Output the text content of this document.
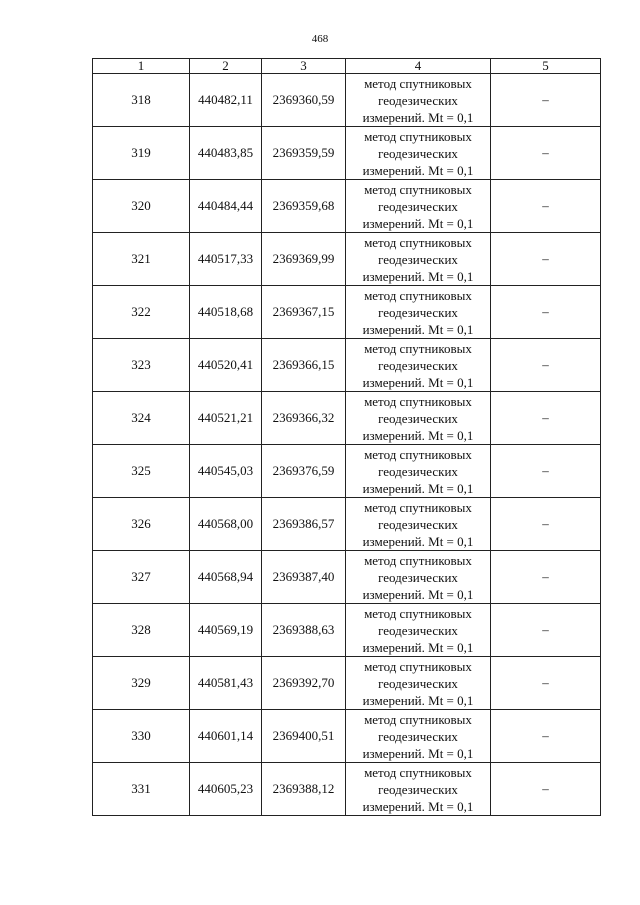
468
1	2	3	4	5
318	440482,11	2369360,59	метод спутниковых
геодезических
измерений. Mt = 0,1	–
319	440483,85	2369359,59	метод спутниковых
геодезических
измерений. Mt = 0,1	–
320	440484,44	2369359,68	метод спутниковых
геодезических
измерений. Mt = 0,1	–
321	440517,33	2369369,99	метод спутниковых
геодезических
измерений. Mt = 0,1	–
322	440518,68	2369367,15	метод спутниковых
геодезических
измерений. Mt = 0,1	–
323	440520,41	2369366,15	метод спутниковых
геодезических
измерений. Mt = 0,1	–
324	440521,21	2369366,32	метод спутниковых
геодезических
измерений. Mt = 0,1	–
325	440545,03	2369376,59	метод спутниковых
геодезических
измерений. Mt = 0,1	–
326	440568,00	2369386,57	метод спутниковых
геодезических
измерений. Mt = 0,1	–
327	440568,94	2369387,40	метод спутниковых
геодезических
измерений. Mt = 0,1	–
328	440569,19	2369388,63	метод спутниковых
геодезических
измерений. Mt = 0,1	–
329	440581,43	2369392,70	метод спутниковых
геодезических
измерений. Mt = 0,1	–
330	440601,14	2369400,51	метод спутниковых
геодезических
измерений. Mt = 0,1	–
331	440605,23	2369388,12	метод спутниковых
геодезических
измерений. Mt = 0,1	–
